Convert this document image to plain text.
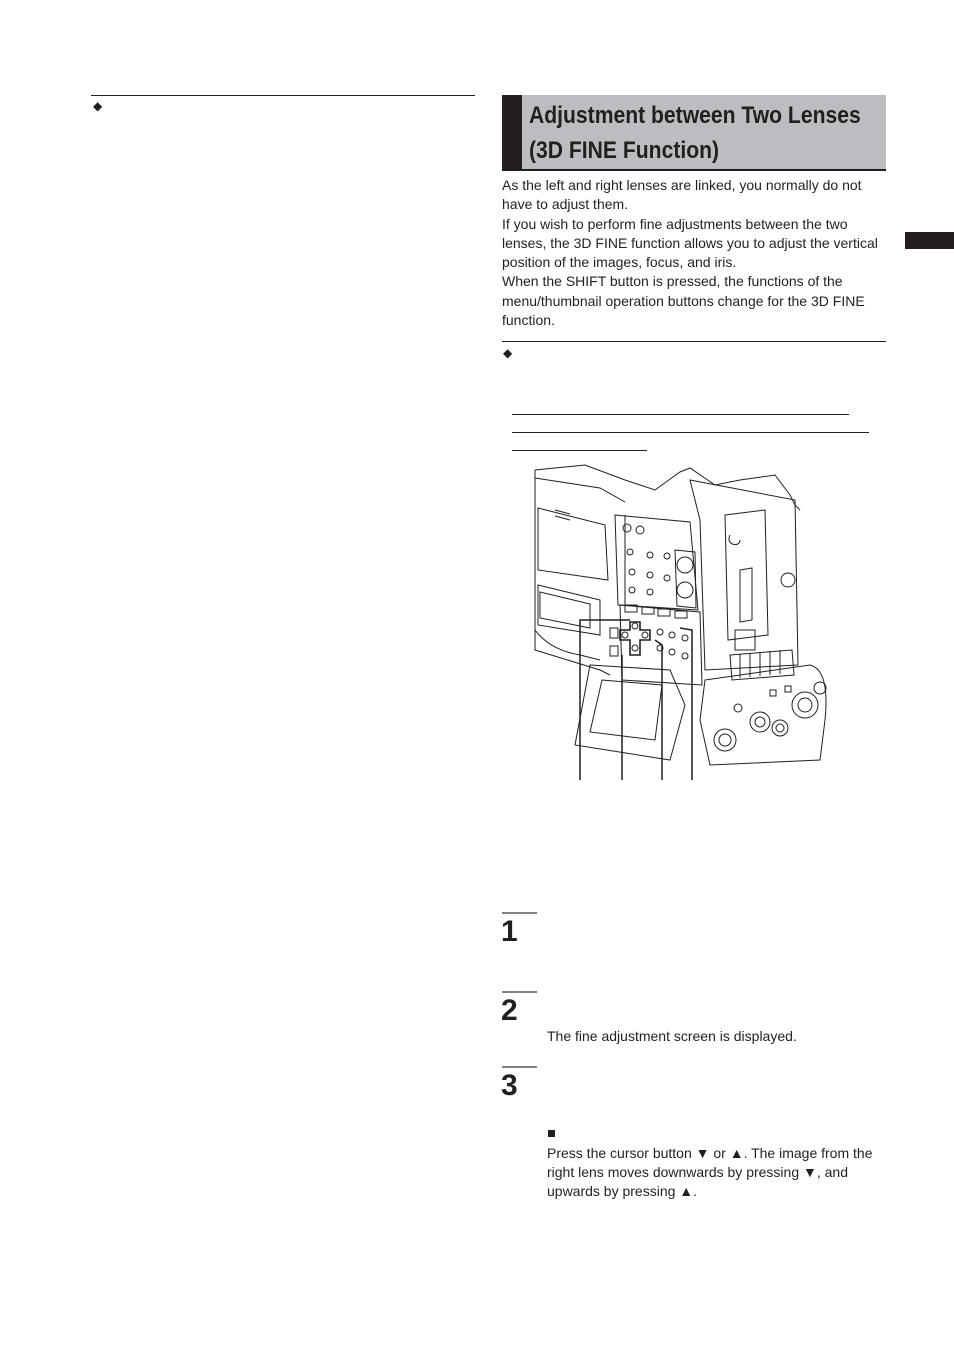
◆	Adjustment between Two Lenses
(3D FINE Function)

As the left and right lenses are linked, you normally do not have to adjust them.

If you wish to perform fine adjustments between the two lenses, the 3D FINE function allows you to adjust the vertical position of the images, focus, and iris.

When the SHIFT button is pressed, the functions of the menu/thumbnail operation buttons change for the 3D FINE function.

◆
1
2
The fine adjustment screen is displayed.
3
Press the cursor button ▼ or ▲. The image from the right lens moves downwards by pressing ▼, and upwards by pressing ▲.
